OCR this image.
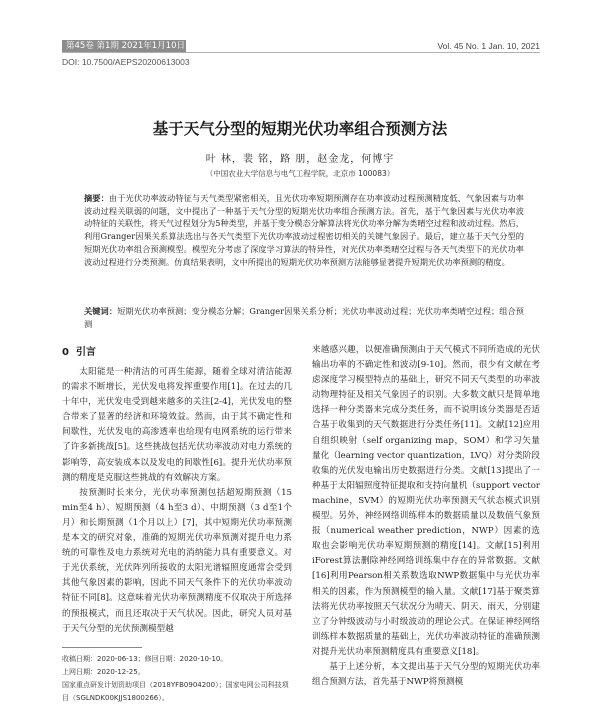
第45卷 第1期 2021年1月10日	Vol. 45 No. 1 Jan. 10, 2021
DOI: 10.7500/AEPS20200613003
基于天气分型的短期光伏功率组合预测方法
叶 林，裴 铭，路 朋，赵金龙，何博宇
（中国农业大学信息与电气工程学院，北京市 100083）
摘要：由于光伏功率波动特征与天气类型紧密相关，且光伏功率短期预测存在功率波动过程预测精度低、气象因素与功率波动过程关联弱的问题，文中提出了一种基于天气分型的短期光伏功率组合预测方法。首先，基于气象因素与光伏功率波动特征的关联性，将天气过程划分为5种类型，并基于变分模态分解算法将光伏功率分解为类晴空过程和波动过程。然后，利用Granger因果关系算法选出与各天气类型下光伏功率波动过程密切相关的关键气象因子。最后，建立基于天气分型的短期光伏功率组合预测模型。模型充分考虑了深度学习算法的特异性，对光伏功率类晴空过程与各天气类型下的光伏功率波动过程进行分类预测。仿真结果表明，文中所提出的短期光伏功率预测方法能够显著提升短期光伏功率预测的精度。
关键词：短期光伏功率预测；变分模态分解；Granger因果关系分析；光伏功率波动过程；光伏功率类晴空过程；组合预测
0 引言

太阳能是一种清洁的可再生能源，随着全球对清洁能源的需求不断增长，光伏发电将发挥重要作用[1]。在过去的几十年中，光伏发电受到越来越多的关注[2-4]，光伏发电的整合带来了显著的经济和环境效益。然而，由于其不确定性和间歇性，光伏发电的高渗透率也给现有电网系统的运行带来了许多新挑战[5]。这些挑战包括光伏功率波动对电力系统的影响等，高安装成本以及发电的间歇性[6]。提升光伏功率预测的精度是克服这些挑战的有效解决方案。

按预测时长来分，光伏功率预测包括超短期预测（15 min至4 h）、短期预测（4 h至3 d）、中期预测（3 d至1个月）和长期预测（1个月以上）[7]，其中短期光伏功率预测是本文的研究对象，准确的短期光伏功率预测对提升电力系统的可靠性及电力系统对光电的消纳能力具有重要意义。对于光伏系统，光伏阵列所接收的太阳光谱辐照度通常会受到其他气象因素的影响，因此不同天气条件下的光伏功率波动特征不同[8]。这意味着光伏功率预测精度不仅取决于所选择的预报模式，而且还取决于天气状况。因此，研究人员对基于天气分型的光伏预测模型越

来越感兴趣，以便准确预测由于天气模式不同所造成的光伏输出功率的不确定性和波动[9-10]。然而，很少有文献在考虑深度学习模型特点的基础上，研究不同天气类型的功率波动物理特征及相关气象因子的识别。大多数文献只是简单地选择一种分类器来完成分类任务，而不说明该分类器是否适合基于收集到的天气数据进行分类任务[11]。文献[12]应用自组织映射（self organizing map，SOM）和学习矢量量化（learning vector quantization，LVQ）对分类阶段收集的光伏发电输出历史数据进行分类。文献[13]提出了一种基于太阳辐照度特征提取和支持向量机（support vector machine，SVM）的短期光伏功率预测天气状态模式识别模型。另外，神经网络训练样本的数据质量以及数值气象预报（numerical weather prediction，NWP）因素的选取也会影响光伏功率短期预测的精度[14]。文献[15]利用iForest算法删除神经网络训练集中存在的异常数据。文献[16]利用Pearson相关系数选取NWP数据集中与光伏功率相关的因素，作为预测模型的输入量。文献[17]基于聚类算法将光伏功率按照天气状况分为晴天、阴天、雨天，分别建立了分钟级波动与小时级波动的理论公式。在保证神经网络训练样本数据质量的基础上，光伏功率波动特征的准确预测对提升光伏功率预测精度具有重要意义[18]。

基于上述分析，本文提出基于天气分型的短期光伏功率组合预测方法，首先基于NWP将预测模

收稿日期：2020-06-13；修回日期：2020-10-10。
上网日期：2020-12-25。
国家重点研发计划资助项目（2018YFB0904200）；国家电网公司科技项目（SGLNDK00KJJS1800266）。
